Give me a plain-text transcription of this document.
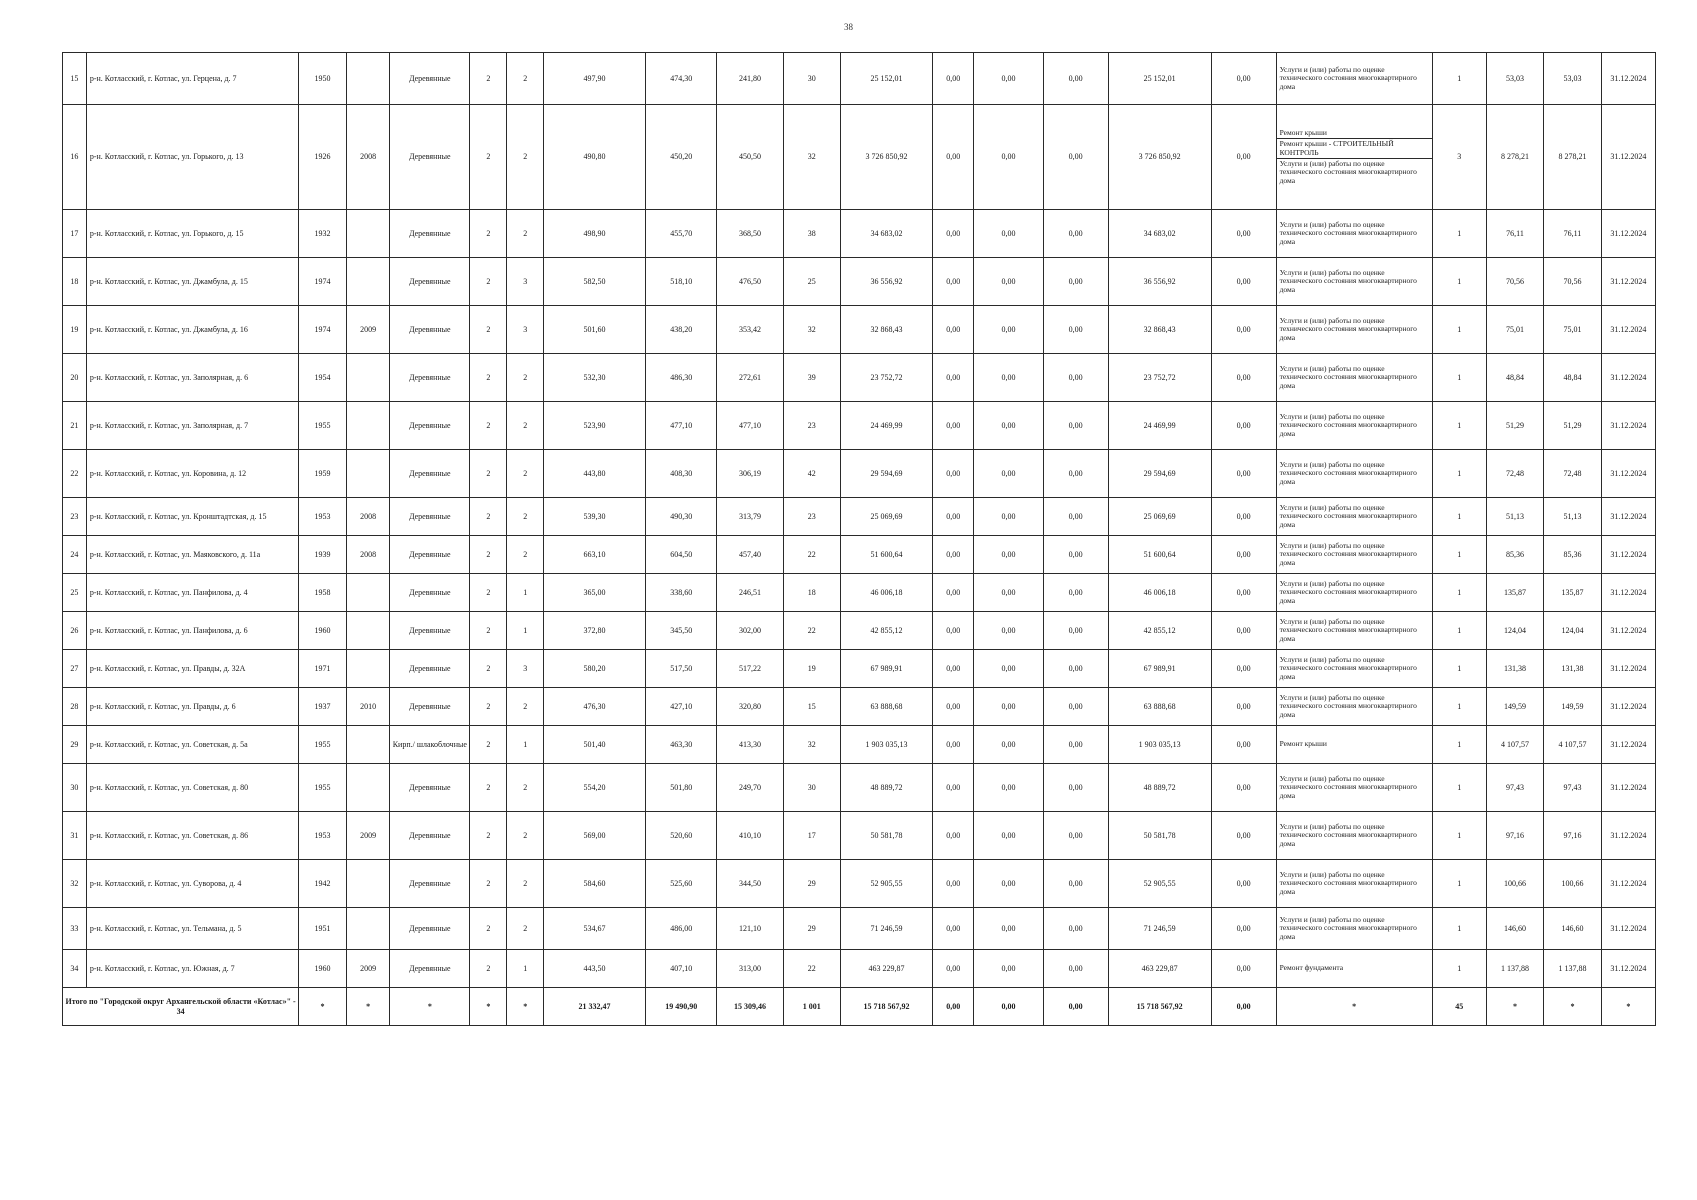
38
15	р-н. Котласский, г. Котлас, ул. Герцена, д. 7	1950		Деревянные	2	2	497,90	474,30	241,80	30	25 152,01	0,00	0,00	0,00	25 152,01	0,00	Услуги и (или) работы по оценке технического состояния многоквартирного дома	1	53,03	53,03	31.12.2024
16	р-н. Котласский, г. Котлас, ул. Горького, д. 13	1926	2008	Деревянные	2	2	490,80	450,20	450,50	32	3 726 850,92	0,00	0,00	0,00	3 726 850,92	0,00	Ремонт крыши
Ремонт крыши - СТРОИТЕЛЬНЫЙ КОНТРОЛЬ
Услуги и (или) работы по оценке технического состояния многоквартирного дома	3	8 278,21	8 278,21	31.12.2024
17	р-н. Котласский, г. Котлас, ул. Горького, д. 15	1932		Деревянные	2	2	498,90	455,70	368,50	38	34 683,02	0,00	0,00	0,00	34 683,02	0,00	Услуги и (или) работы по оценке технического состояния многоквартирного дома	1	76,11	76,11	31.12.2024
18	р-н. Котласский, г. Котлас, ул. Джамбула, д. 15	1974		Деревянные	2	3	582,50	518,10	476,50	25	36 556,92	0,00	0,00	0,00	36 556,92	0,00	Услуги и (или) работы по оценке технического состояния многоквартирного дома	1	70,56	70,56	31.12.2024
19	р-н. Котласский, г. Котлас, ул. Джамбула, д. 16	1974	2009	Деревянные	2	3	501,60	438,20	353,42	32	32 868,43	0,00	0,00	0,00	32 868,43	0,00	Услуги и (или) работы по оценке технического состояния многоквартирного дома	1	75,01	75,01	31.12.2024
20	р-н. Котласский, г. Котлас, ул. Заполярная, д. 6	1954		Деревянные	2	2	532,30	486,30	272,61	39	23 752,72	0,00	0,00	0,00	23 752,72	0,00	Услуги и (или) работы по оценке технического состояния многоквартирного дома	1	48,84	48,84	31.12.2024
21	р-н. Котласский, г. Котлас, ул. Заполярная, д. 7	1955		Деревянные	2	2	523,90	477,10	477,10	23	24 469,99	0,00	0,00	0,00	24 469,99	0,00	Услуги и (или) работы по оценке технического состояния многоквартирного дома	1	51,29	51,29	31.12.2024
22	р-н. Котласский, г. Котлас, ул. Коровина, д. 12	1959		Деревянные	2	2	443,80	408,30	306,19	42	29 594,69	0,00	0,00	0,00	29 594,69	0,00	Услуги и (или) работы по оценке технического состояния многоквартирного дома	1	72,48	72,48	31.12.2024
23	р-н. Котласский, г. Котлас, ул. Кронштадтская, д. 15	1953	2008	Деревянные	2	2	539,30	490,30	313,79	23	25 069,69	0,00	0,00	0,00	25 069,69	0,00	Услуги и (или) работы по оценке технического состояния многоквартирного дома	1	51,13	51,13	31.12.2024
24	р-н. Котласский, г. Котлас, ул. Маяковского, д. 11а	1939	2008	Деревянные	2	2	663,10	604,50	457,40	22	51 600,64	0,00	0,00	0,00	51 600,64	0,00	Услуги и (или) работы по оценке технического состояния многоквартирного дома	1	85,36	85,36	31.12.2024
25	р-н. Котласский, г. Котлас, ул. Панфилова, д. 4	1958		Деревянные	2	1	365,00	338,60	246,51	18	46 006,18	0,00	0,00	0,00	46 006,18	0,00	Услуги и (или) работы по оценке технического состояния многоквартирного дома	1	135,87	135,87	31.12.2024
26	р-н. Котласский, г. Котлас, ул. Панфилова, д. 6	1960		Деревянные	2	1	372,80	345,50	302,00	22	42 855,12	0,00	0,00	0,00	42 855,12	0,00	Услуги и (или) работы по оценке технического состояния многоквартирного дома	1	124,04	124,04	31.12.2024
27	р-н. Котласский, г. Котлас, ул. Правды, д. 32А	1971		Деревянные	2	3	580,20	517,50	517,22	19	67 989,91	0,00	0,00	0,00	67 989,91	0,00	Услуги и (или) работы по оценке технического состояния многоквартирного дома	1	131,38	131,38	31.12.2024
28	р-н. Котласский, г. Котлас, ул. Правды, д. 6	1937	2010	Деревянные	2	2	476,30	427,10	320,80	15	63 888,68	0,00	0,00	0,00	63 888,68	0,00	Услуги и (или) работы по оценке технического состояния многоквартирного дома	1	149,59	149,59	31.12.2024
29	р-н. Котласский, г. Котлас, ул. Советская, д. 5а	1955		Кирп./ шлакоблочные	2	1	501,40	463,30	413,30	32	1 903 035,13	0,00	0,00	0,00	1 903 035,13	0,00	Ремонт крыши	1	4 107,57	4 107,57	31.12.2024
30	р-н. Котласский, г. Котлас, ул. Советская, д. 80	1955		Деревянные	2	2	554,20	501,80	249,70	30	48 889,72	0,00	0,00	0,00	48 889,72	0,00	Услуги и (или) работы по оценке технического состояния многоквартирного дома	1	97,43	97,43	31.12.2024
31	р-н. Котласский, г. Котлас, ул. Советская, д. 86	1953	2009	Деревянные	2	2	569,00	520,60	410,10	17	50 581,78	0,00	0,00	0,00	50 581,78	0,00	Услуги и (или) работы по оценке технического состояния многоквартирного дома	1	97,16	97,16	31.12.2024
32	р-н. Котласский, г. Котлас, ул. Суворова, д. 4	1942		Деревянные	2	2	584,60	525,60	344,50	29	52 905,55	0,00	0,00	0,00	52 905,55	0,00	Услуги и (или) работы по оценке технического состояния многоквартирного дома	1	100,66	100,66	31.12.2024
33	р-н. Котласский, г. Котлас, ул. Тельмана, д. 5	1951		Деревянные	2	2	534,67	486,00	121,10	29	71 246,59	0,00	0,00	0,00	71 246,59	0,00	Услуги и (или) работы по оценке технического состояния многоквартирного дома	1	146,60	146,60	31.12.2024
34	р-н. Котласский, г. Котлас, ул. Южная, д. 7	1960	2009	Деревянные	2	1	443,50	407,10	313,00	22	463 229,87	0,00	0,00	0,00	463 229,87	0,00	Ремонт фундамента	1	1 137,88	1 137,88	31.12.2024
Итого по "Городской округ Архангельской области «Котлас»" - 34		*	*	*	*	*	21 332,47	19 490,90	15 309,46	1 001	15 718 567,92	0,00	0,00	0,00	15 718 567,92	0,00	*	45	*	*	*
